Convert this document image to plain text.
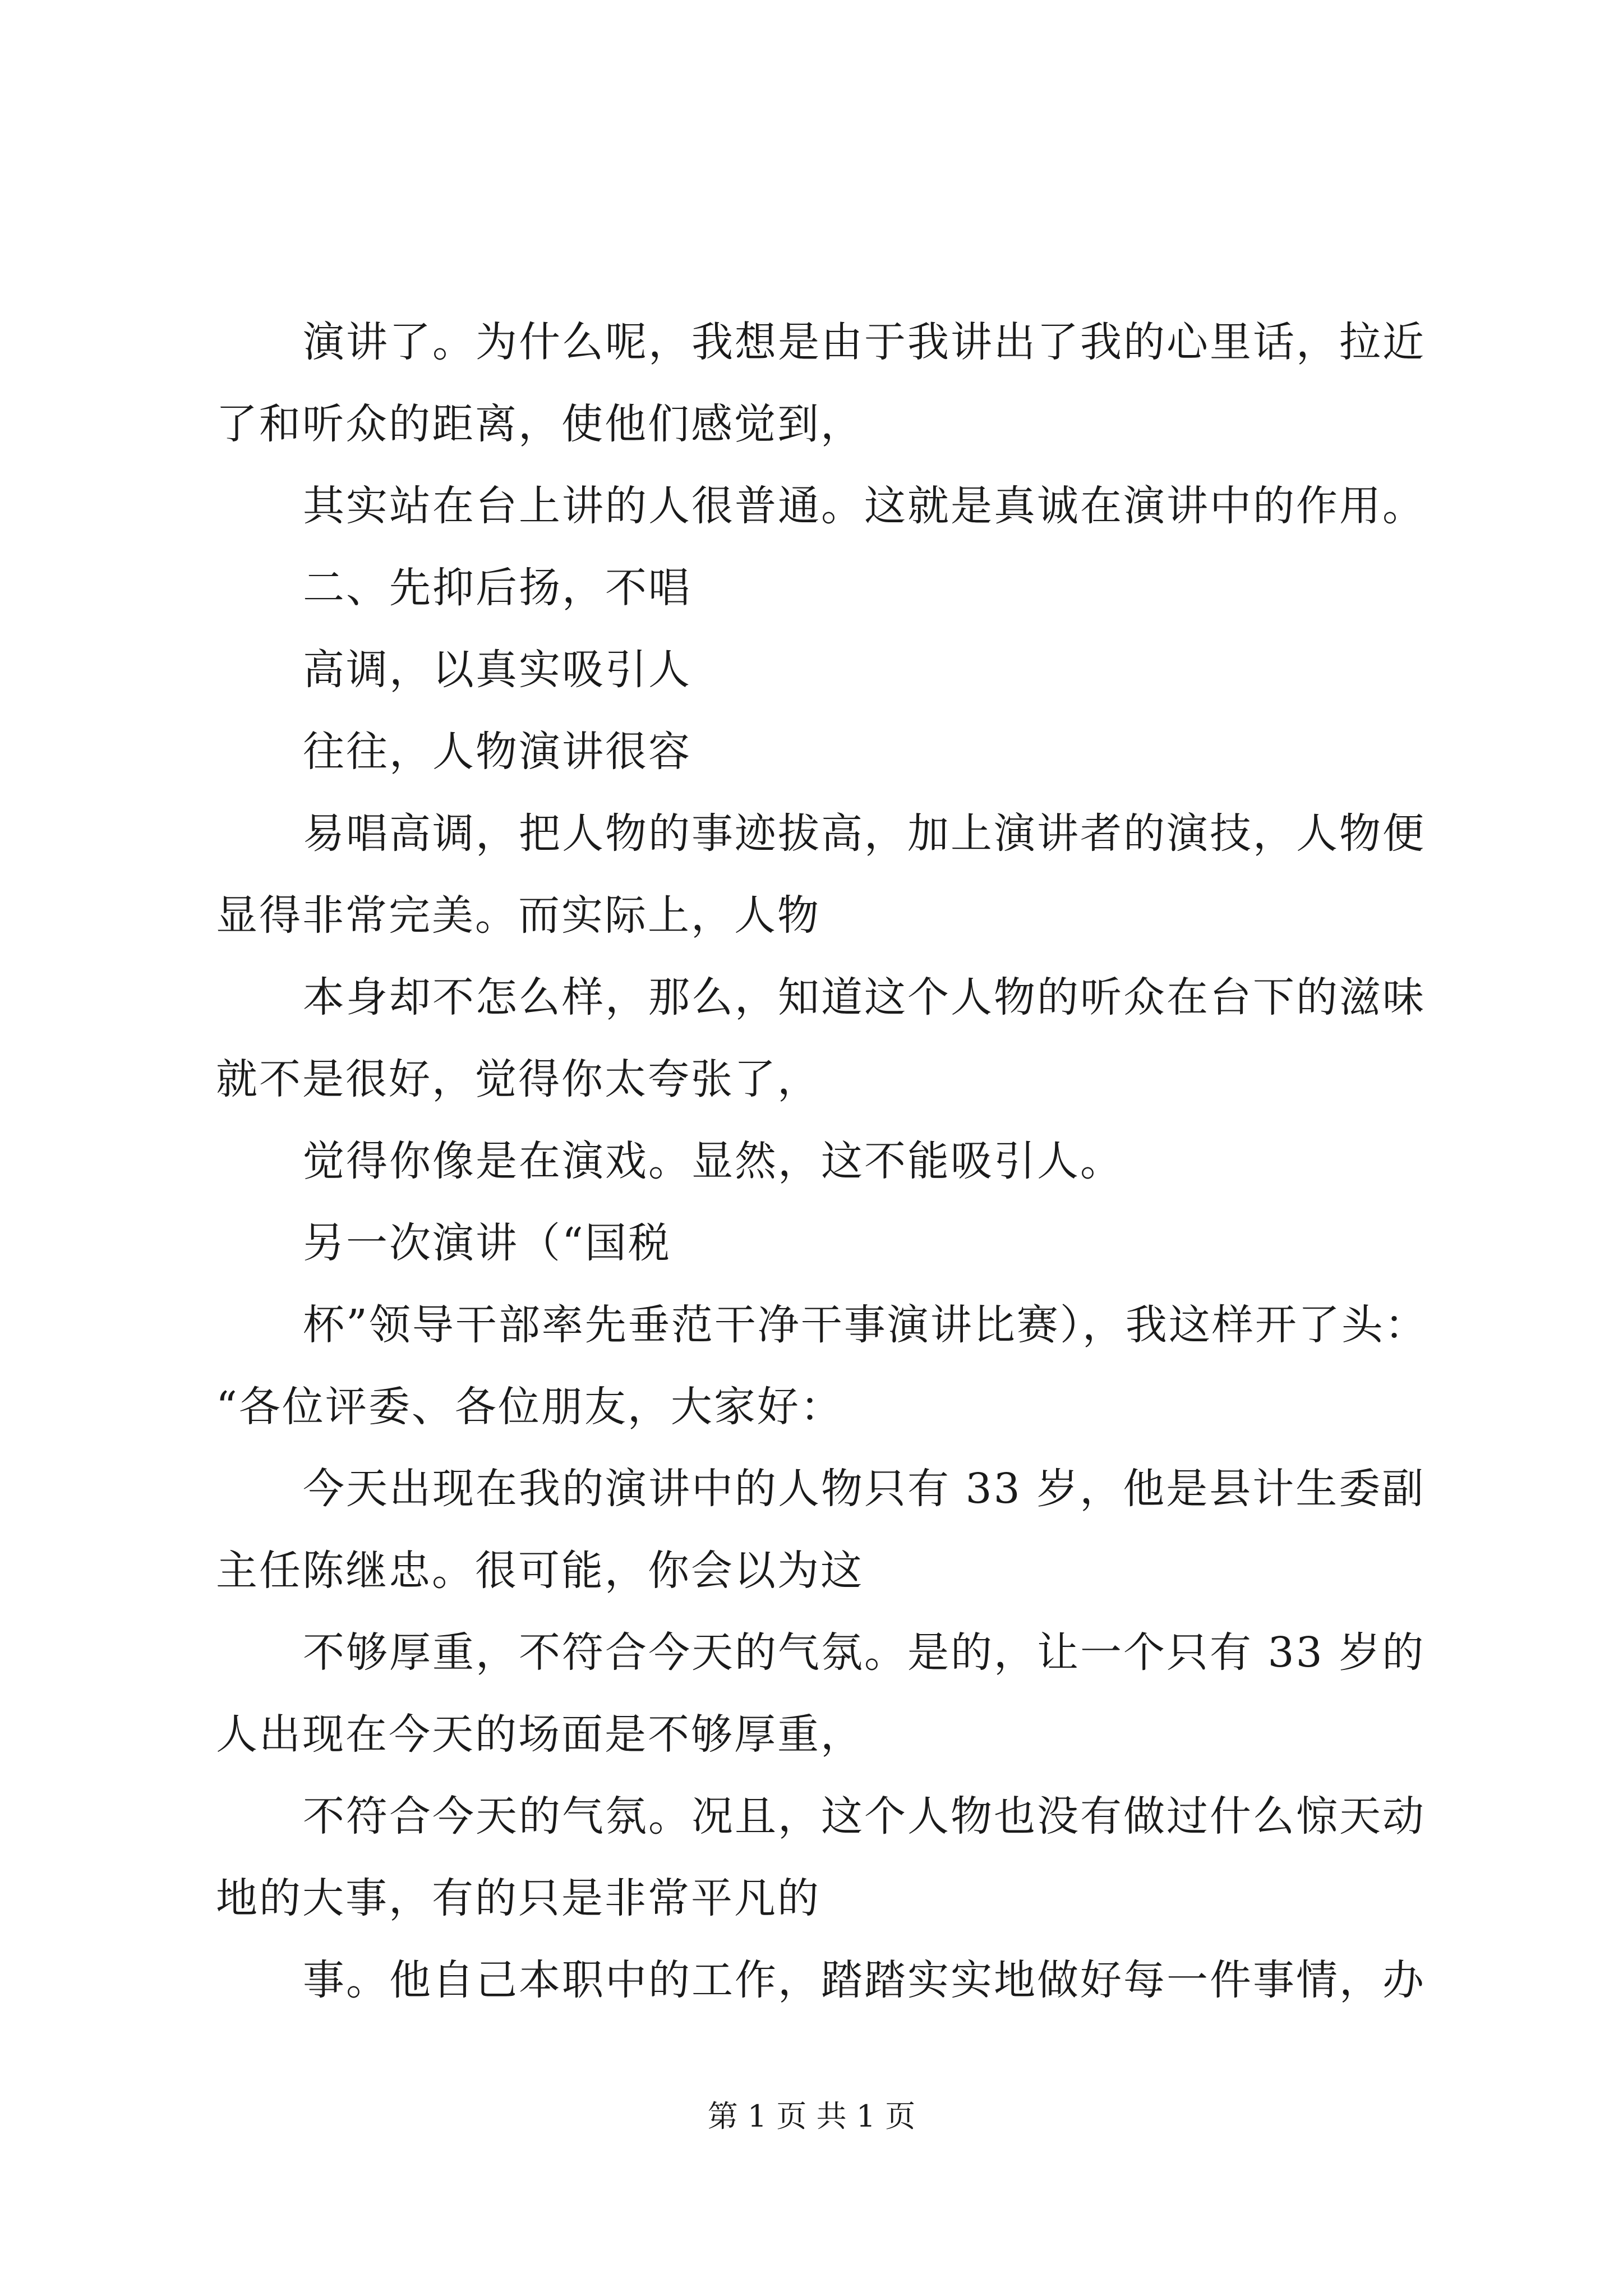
演讲了。为什么呢，我想是由于我讲出了我的心里话，拉近
了和听众的距离，使他们感觉到，
其实站在台上讲的人很普通。这就是真诚在演讲中的作用。
二、先抑后扬，不唱
高调，以真实吸引人
往往，人物演讲很容
易唱高调，把人物的事迹拔高，加上演讲者的演技，人物便
显得非常完美。而实际上，人物
本身却不怎么样，那么，知道这个人物的听众在台下的滋味
就不是很好，觉得你太夸张了，
觉得你像是在演戏。显然，这不能吸引人。
另一次演讲（“国税
杯”领导干部率先垂范干净干事演讲比赛），我这样开了头：
“各位评委、各位朋友，大家好：
今天出现在我的演讲中的人物只有 33 岁，他是县计生委副
主任陈继忠。很可能，你会以为这
不够厚重，不符合今天的气氛。是的，让一个只有 33 岁的
人出现在今天的场面是不够厚重，
不符合今天的气氛。况且，这个人物也没有做过什么惊天动
地的大事，有的只是非常平凡的
事。他自己本职中的工作，踏踏实实地做好每一件事情，办
第 1 页 共 1 页
